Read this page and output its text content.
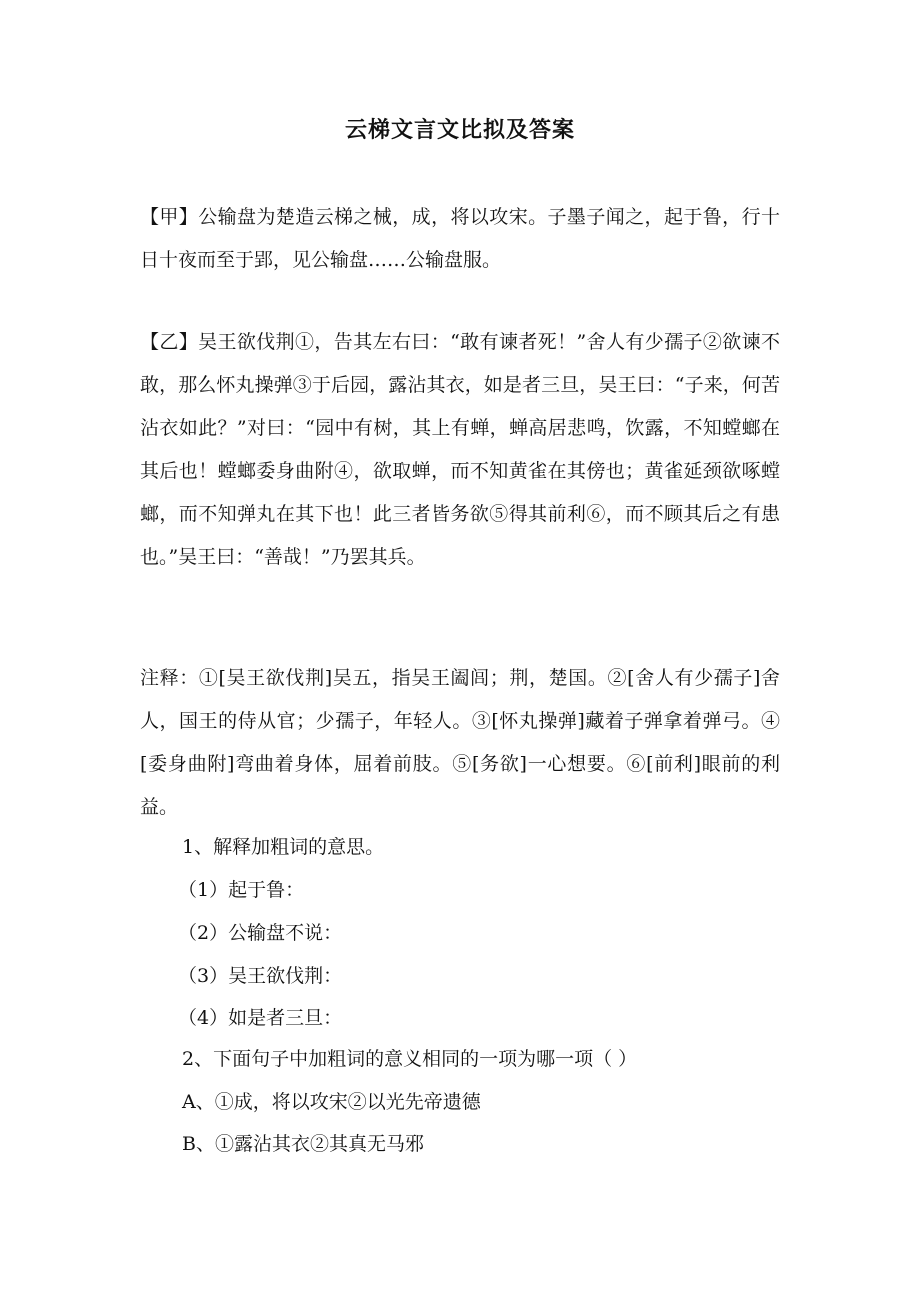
云梯文言文比拟及答案
【甲】公输盘为楚造云梯之械，成，将以攻宋。子墨子闻之，起于鲁，行十日十夜而至于郢，见公输盘……公输盘服。
【乙】吴王欲伐荆①，告其左右曰：“敢有谏者死！”舍人有少孺子②欲谏不敢，那么怀丸操弹③于后园，露沾其衣，如是者三旦，吴王曰：“子来，何苦沾衣如此？”对曰：“园中有树，其上有蝉，蝉高居悲鸣，饮露，不知螳螂在其后也！螳螂委身曲附④，欲取蝉，而不知黄雀在其傍也；黄雀延颈欲啄螳螂，而不知弹丸在其下也！此三者皆务欲⑤得其前利⑥，而不顾其后之有患也。”吴王曰：“善哉！”乃罢其兵。
注释：①[吴王欲伐荆]吴五，指吴王阖闾；荆，楚国。②[舍人有少孺子]舍人，国王的侍从官；少孺子，年轻人。③[怀丸操弹]藏着子弹拿着弹弓。④[委身曲附]弯曲着身体，屈着前肢。⑤[务欲]一心想要。⑥[前利]眼前的利益。
1、解释加粗词的意思。
（1）起于鲁：
（2）公输盘不说：
（3）吴王欲伐荆：
（4）如是者三旦：
2、下面句子中加粗词的意义相同的一项为哪一项（ ）
A、①成，将以攻宋②以光先帝遗德
B、①露沾其衣②其真无马邪
